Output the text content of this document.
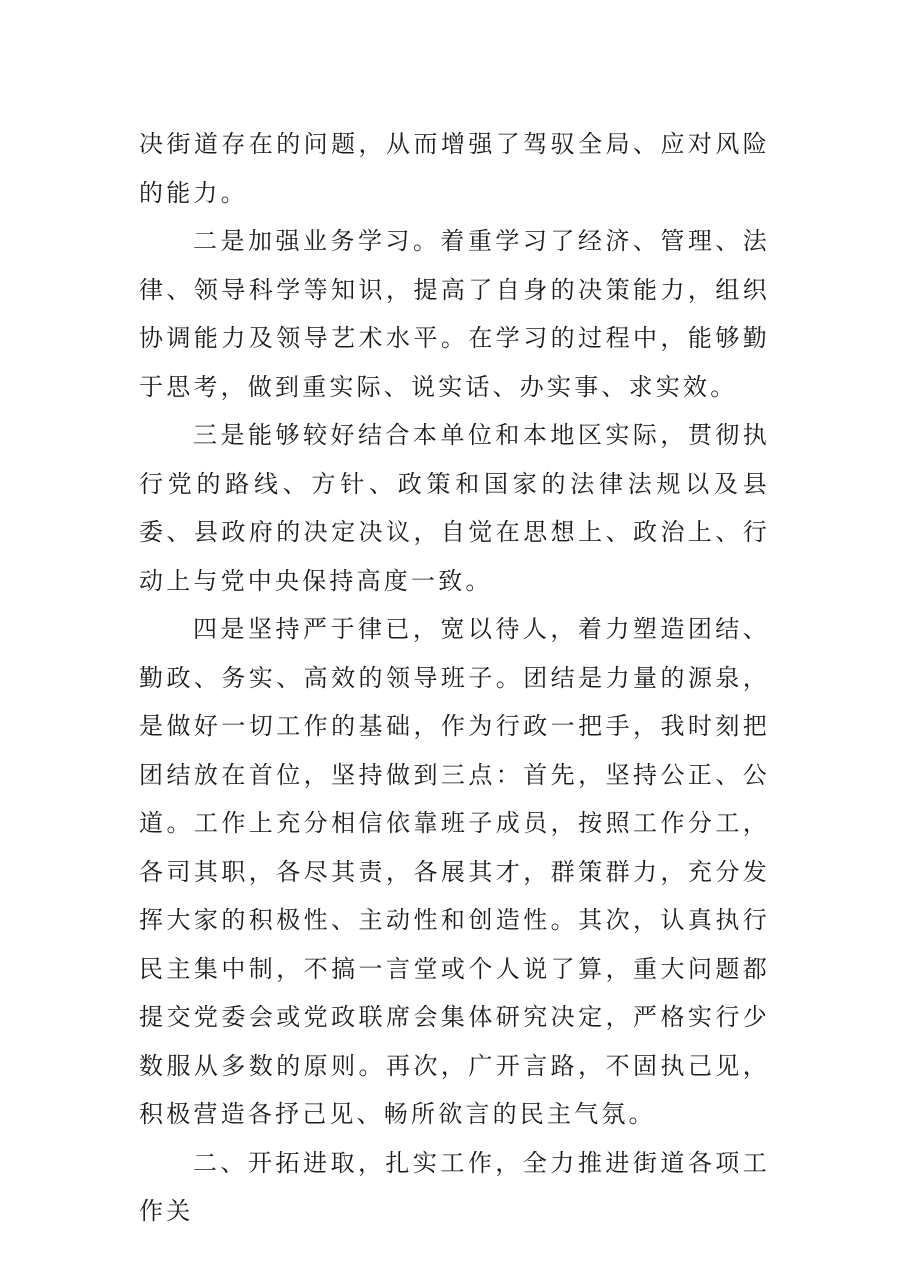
决街道存在的问题，从而增强了驾驭全局、应对风险的能力。

二是加强业务学习。着重学习了经济、管理、法律、领导科学等知识，提高了自身的决策能力，组织协调能力及领导艺术水平。在学习的过程中，能够勤于思考，做到重实际、说实话、办实事、求实效。

三是能够较好结合本单位和本地区实际，贯彻执行党的路线、方针、政策和国家的法律法规以及县委、县政府的决定决议，自觉在思想上、政治上、行动上与党中央保持高度一致。

四是坚持严于律已，宽以待人，着力塑造团结、勤政、务实、高效的领导班子。团结是力量的源泉，是做好一切工作的基础，作为行政一把手，我时刻把团结放在首位，坚持做到三点：首先，坚持公正、公道。工作上充分相信依靠班子成员，按照工作分工，各司其职，各尽其责，各展其才，群策群力，充分发挥大家的积极性、主动性和创造性。其次，认真执行民主集中制，不搞一言堂或个人说了算，重大问题都提交党委会或党政联席会集体研究决定，严格实行少数服从多数的原则。再次，广开言路，不固执己见，积极营造各抒己见、畅所欲言的民主气氛。

二、开拓进取，扎实工作，全力推进街道各项工作关
